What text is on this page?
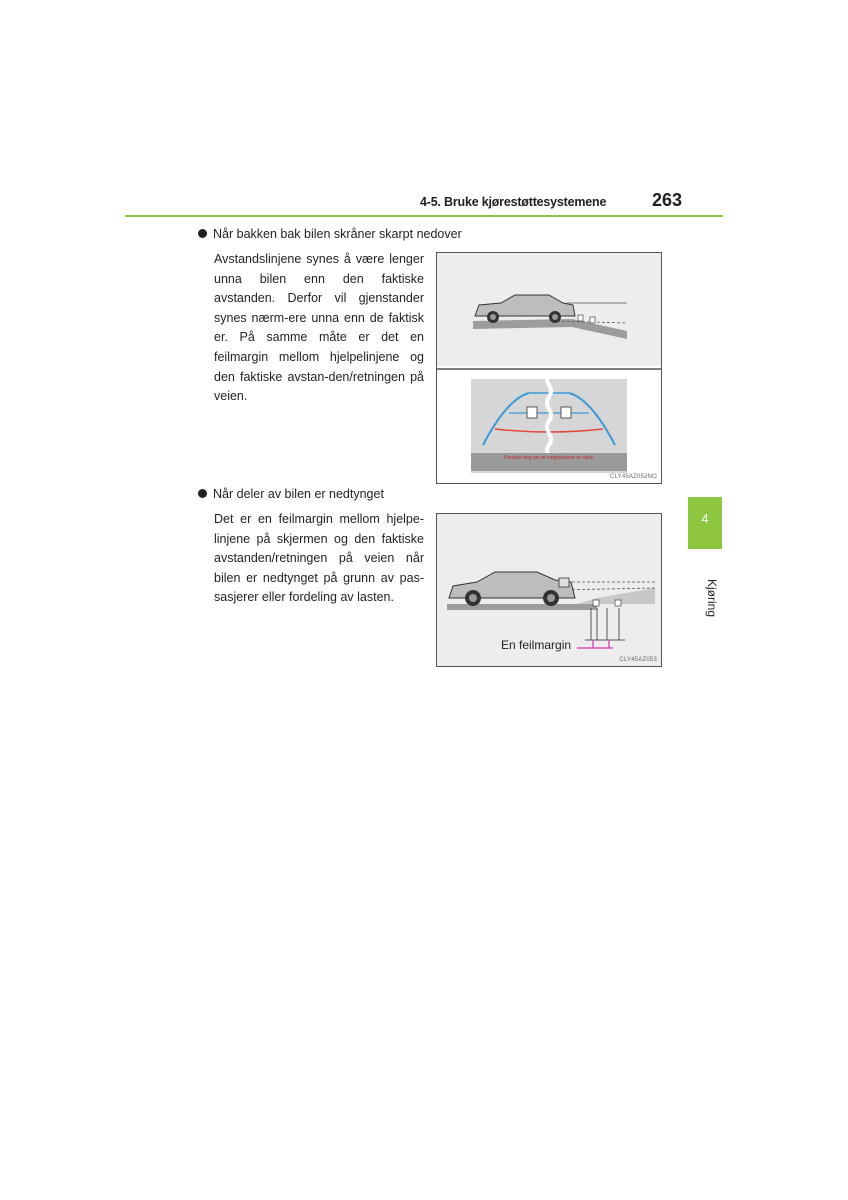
4-5. Bruke kjørestøttesystemene	263
Når bakken bak bilen skråner skarpt nedover
Avstandslinjene synes å være lenger unna bilen enn den faktiske avstanden. Derfor vil gjenstander synes nærm-ere unna enn de faktisk er. På samme måte er det en feilmargin mellom hjelpelinjene og den faktiske avstan-den/retningen på veien.
Forsikre deg om at omgivelsene er sikre.
CLY45AZ052NO
Når deler av bilen er nedtynget
Det er en feilmargin mellom hjelpe-linjene på skjermen og den faktiske avstanden/retningen på veien når bilen er nedtynget på grunn av pas-sasjerer eller fordeling av lasten.
CLY45AZ053
En feilmargin
4
Kjøring
